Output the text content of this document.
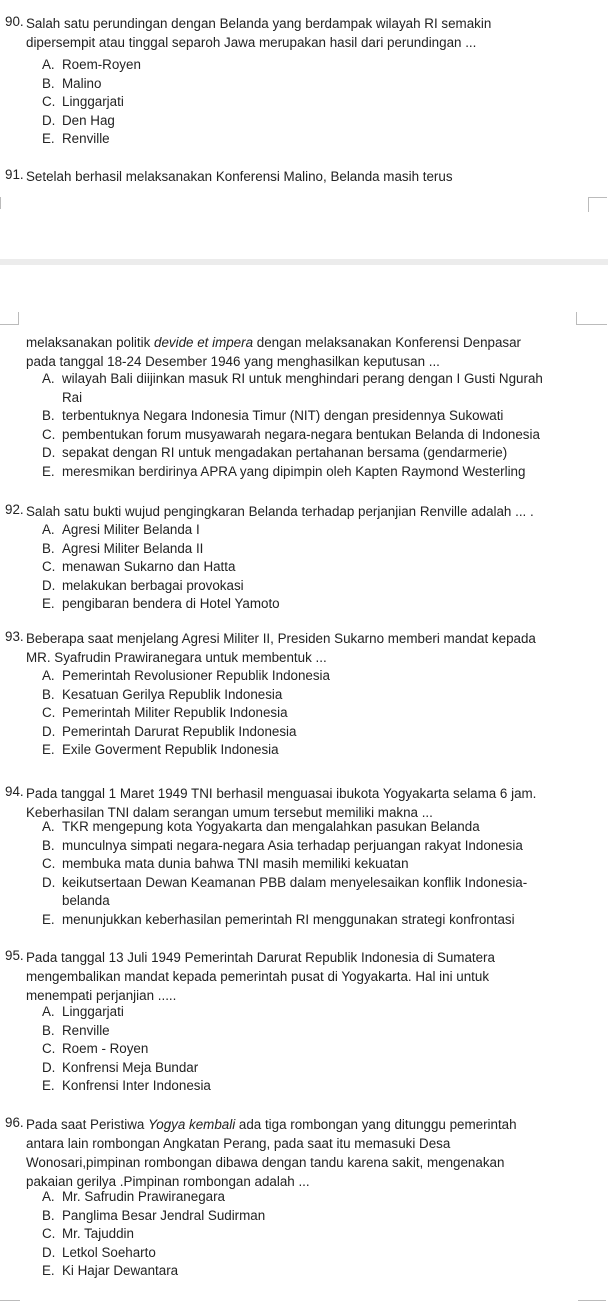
90. Salah satu perundingan dengan Belanda yang berdampak wilayah RI semakin
dipersempit atau tinggal separoh Jawa merupakan hasil dari perundingan ...
A. Roem-Royen
B. Malino
C. Linggarjati
D. Den Hag
E. Renville
91. Setelah berhasil melaksanakan Konferensi Malino, Belanda masih terus
melaksanakan politik devide et impera dengan melaksanakan Konferensi Denpasar
pada tanggal 18-24 Desember 1946 yang menghasilkan keputusan ...
A. wilayah Bali diijinkan masuk RI untuk menghindari perang dengan I Gusti Ngurah
Rai
B. terbentuknya Negara Indonesia Timur (NIT) dengan presidennya Sukowati
C. pembentukan forum musyawarah negara-negara bentukan Belanda di Indonesia
D. sepakat dengan RI untuk mengadakan pertahanan bersama (gendarmerie)
E. meresmikan berdirinya APRA yang dipimpin oleh Kapten Raymond Westerling
92. Salah satu bukti wujud pengingkaran Belanda terhadap perjanjian Renville adalah ... .
A. Agresi Militer Belanda I
B. Agresi Militer Belanda II
C. menawan Sukarno dan Hatta
D. melakukan berbagai provokasi
E. pengibaran bendera di Hotel Yamoto
93. Beberapa saat menjelang Agresi Militer II, Presiden Sukarno memberi mandat kepada
MR. Syafrudin Prawiranegara untuk membentuk ...
A. Pemerintah Revolusioner Republik Indonesia
B. Kesatuan Gerilya Republik Indonesia
C. Pemerintah Militer Republik Indonesia
D. Pemerintah Darurat Republik Indonesia
E. Exile Goverment Republik Indonesia
94. Pada tanggal 1 Maret 1949 TNI berhasil menguasai ibukota Yogyakarta selama 6 jam.
Keberhasilan TNI dalam serangan umum tersebut memiliki makna ...
A. TKR mengepung kota Yogyakarta dan mengalahkan pasukan Belanda
B. munculnya simpati negara-negara Asia terhadap perjuangan rakyat Indonesia
C. membuka mata dunia bahwa TNI masih memiliki kekuatan
D. keikutsertaan Dewan Keamanan PBB dalam menyelesaikan konflik Indonesia-
belanda
E. menunjukkan keberhasilan pemerintah RI menggunakan strategi konfrontasi
95. Pada tanggal 13 Juli 1949 Pemerintah Darurat Republik Indonesia di Sumatera
mengembalikan mandat kepada pemerintah pusat di Yogyakarta. Hal ini untuk
menempati perjanjian .....
A. Linggarjati
B. Renville
C. Roem - Royen
D. Konfrensi Meja Bundar
E. Konfrensi Inter Indonesia
96. Pada saat Peristiwa Yogya kembali ada tiga rombongan yang ditunggu pemerintah
antara lain rombongan Angkatan Perang, pada saat itu memasuki Desa
Wonosari,pimpinan rombongan dibawa dengan tandu karena sakit, mengenakan
pakaian gerilya .Pimpinan rombongan adalah ...
A. Mr. Safrudin Prawiranegara
B. Panglima Besar Jendral Sudirman
C. Mr. Tajuddin
D. Letkol Soeharto
E. Ki Hajar Dewantara
